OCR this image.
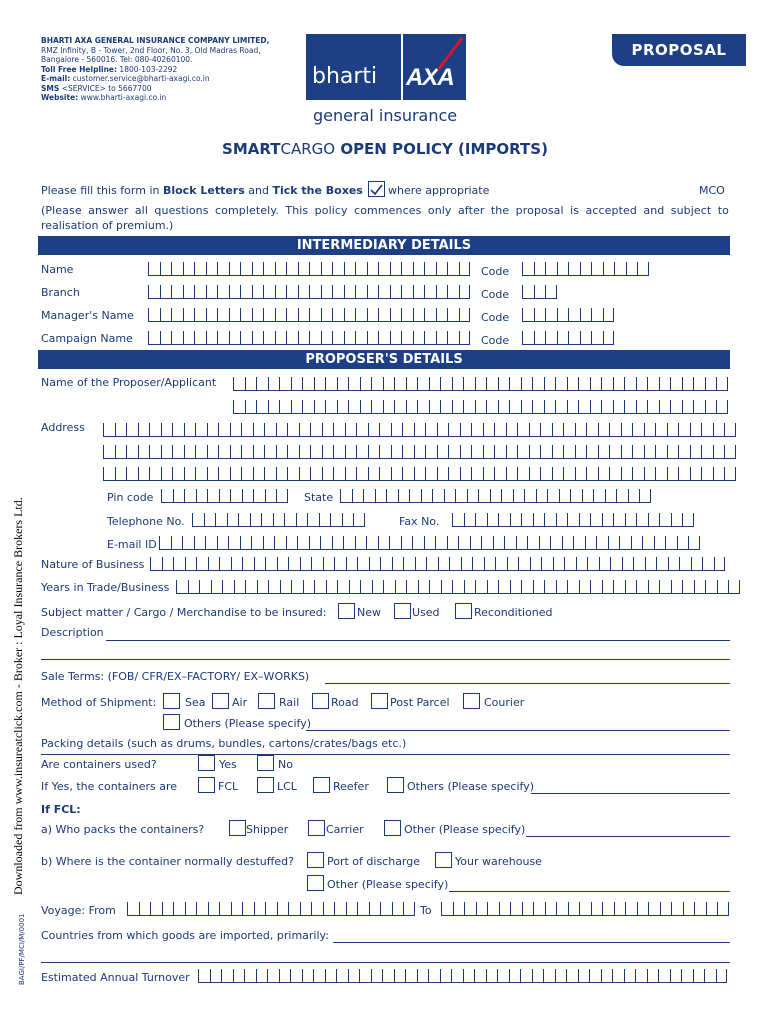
BHARTI AXA GENERAL INSURANCE COMPANY LIMITED,
RMZ Infinity, B - Tower, 2nd Floor, No. 3, Old Madras Road,
Bangalore - 560016. Tel: 080-40260100.
Toll Free Helpline: 1800-103-2292
E-mail: customer.service@bharti-axagi.co.in
SMS <SERVICE> to 5667700
Website: www.bharti-axagi.co.in
bharti AXA
general insurance
PROPOSAL
SMARTCARGO OPEN POLICY (IMPORTS)
Please fill this form in Block Letters and Tick the Boxes where appropriate	MCO
(Please answer all questions completely. This policy commences only after the proposal is accepted and subject to
realisation of premium.)
INTERMEDIARY DETAILS
Name	Code
Branch	Code
Manager's Name	Code
Campaign Name	Code
PROPOSER'S DETAILS
Name of the Proposer/Applicant
Address
Pin code	State
Telephone No.	Fax No.
E-mail ID
Nature of Business
Years in Trade/Business
Subject matter / Cargo / Merchandise to be insured:	New	Used	Reconditioned
Description
Sale Terms: (FOB/ CFR/EX–FACTORY/ EX–WORKS)
Method of Shipment:	Sea Air	Rail	Road	Post Parcel	Courier
Others (Please specify)
Packing details (such as drums, bundles, cartons/crates/bags etc.)
Are containers used?	Yes	No
If Yes, the containers are	FCL	LCL	Reefer	Others (Please specify)
If FCL:
a) Who packs the containers?	Shipper	Carrier	Other (Please specify)
b) Where is the container normally destuffed?	Port of discharge	Your warehouse
Other (Please specify)
Voyage: From	To
Countries from which goods are imported, primarily:
Estimated Annual Turnover
Downloaded from www.insureatclick.com - Broker : Loyal Insurance Brokers Ltd.
BAGI/PF/MCI/M/0001
